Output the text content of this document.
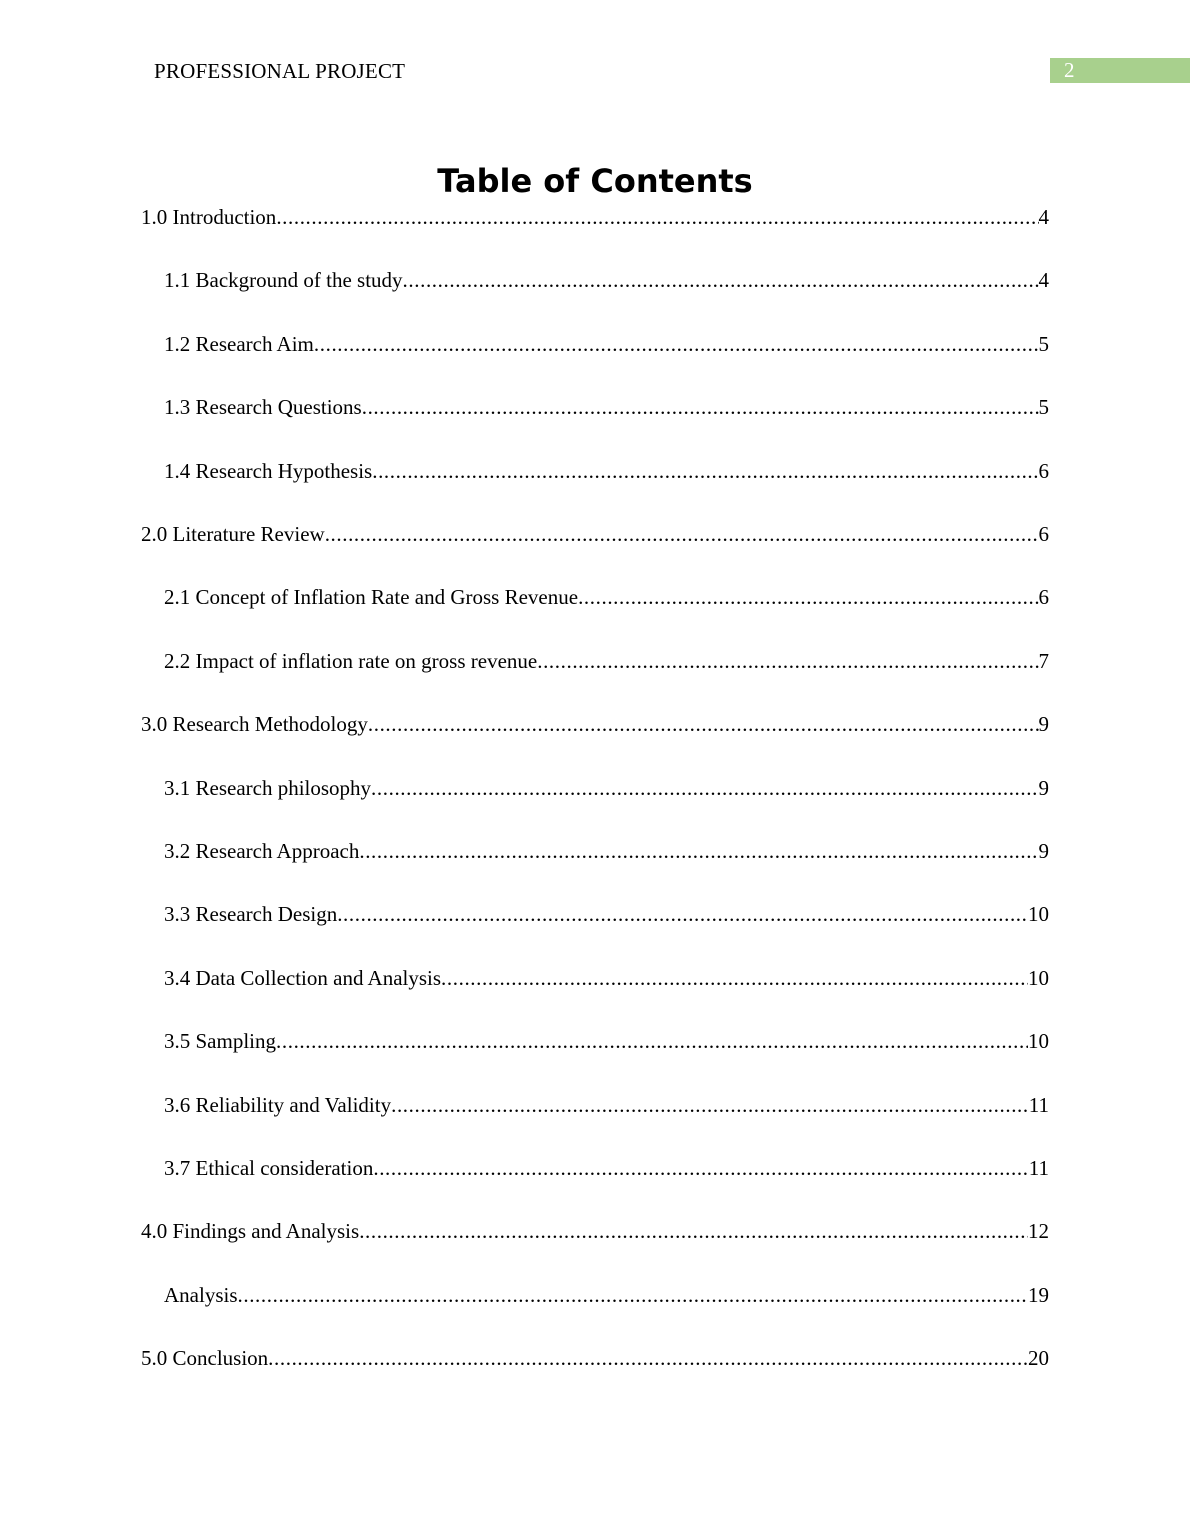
PROFESSIONAL PROJECT	2
Table of Contents
1.0 Introduction .....	4
1.1 Background of the study .....	4
1.2 Research Aim .....	5
1.3 Research Questions .....	5
1.4 Research Hypothesis .....	6
2.0 Literature Review .....	6
2.1 Concept of Inflation Rate and Gross Revenue .....	6
2.2 Impact of inflation rate on gross revenue .....	7
3.0 Research Methodology .....	9
3.1 Research philosophy .....	9
3.2 Research Approach .....	9
3.3 Research Design .....	10
3.4 Data Collection and Analysis .....	10
3.5 Sampling .....	10
3.6 Reliability and Validity .....	11
3.7 Ethical consideration .....	11
4.0 Findings and Analysis .....	12
Analysis .....	19
5.0 Conclusion .....	20
